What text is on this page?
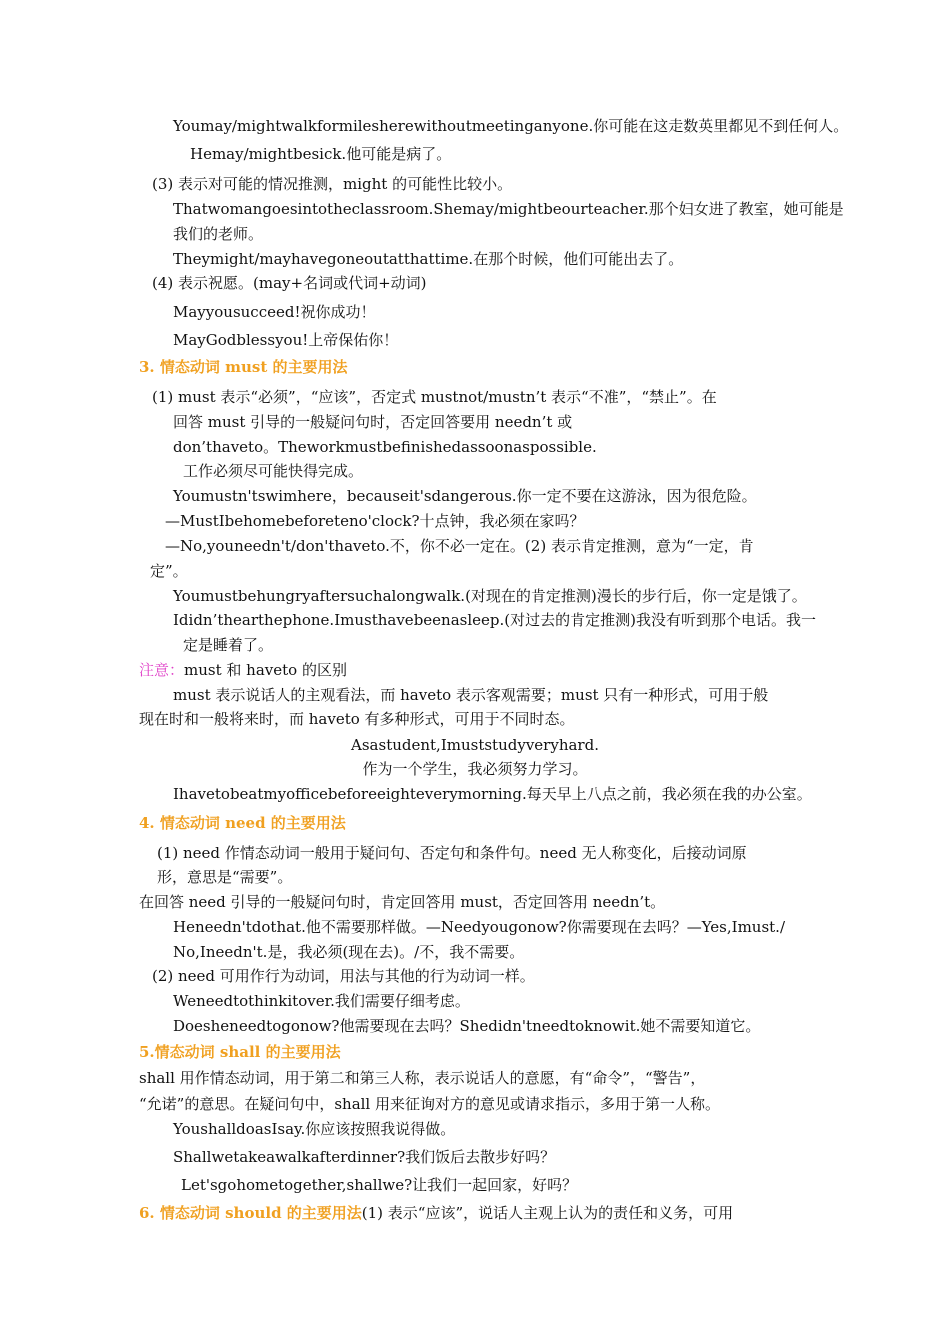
Youmay/mightwalkformilesherewithoutmeetinganyone.你可能在这走数英里都见不到任何人。
Hemay/mightbesick.他可能是病了。
(3) 表示对可能的情况推测，might 的可能性比较小。
Thatwomangoesintotheclassroom.Shemay/mightbeourteacher.那个妇女进了教室，她可能是
我们的老师。
Theymight/mayhavegoneoutatthattime.在那个时候，他们可能出去了。
(4) 表示祝愿。(may+名词或代词+动词)
Mayyousucceed!祝你成功！
MayGodblessyou!上帝保佑你！
3. 情态动词 must 的主要用法
(1) must 表示“必须”，“应该”，否定式 mustnot/mustn’t 表示“不准”，“禁止”。在
回答 must 引导的一般疑问句时，否定回答要用 needn’t 或
don’thaveto。Theworkmustbefinishedassoonaspossible.
工作必须尽可能快得完成。
Youmustn'tswimhere，becauseit'sdangerous.你一定不要在这游泳，因为很危险。
—MustIbehomebeforeteno'clock?十点钟，我必须在家吗？
—No,youneedn't/don'thaveto.不，你不必一定在。(2) 表示肯定推测，意为“一定，肯
定”。
Youmustbehungryaftersuchalongwalk.(对现在的肯定推测)漫长的步行后，你一定是饿了。
Ididn’thearthephone.Imusthavebeenasleep.(对过去的肯定推测)我没有听到那个电话。我一
定是睡着了。
注意：must 和 haveto 的区别
must 表示说话人的主观看法，而 haveto 表示客观需要；must 只有一种形式，可用于般
现在时和一般将来时，而 haveto 有多种形式，可用于不同时态。
Asastudent,Imuststudyveryhard.
作为一个学生，我必须努力学习。
Ihavetobeatmyofficebeforeeighteverymorning.每天早上八点之前，我必须在我的办公室。
4. 情态动词 need 的主要用法
(1) need 作情态动词一般用于疑问句、否定句和条件句。need 无人称变化，后接动词原
形，意思是“需要”。
在回答 need 引导的一般疑问句时，肯定回答用 must，否定回答用 needn’t。
Heneedn'tdothat.他不需要那样做。—Needyougonow?你需要现在去吗？—Yes,Imust./
No,Ineedn't.是，我必须(现在去)。/不，我不需要。
(2) need 可用作行为动词，用法与其他的行为动词一样。
Weneedtothinkitover.我们需要仔细考虑。
Doesheneedtogonow?他需要现在去吗？Shedidn'tneedtoknowit.她不需要知道它。
5.情态动词 shall 的主要用法
shall 用作情态动词，用于第二和第三人称，表示说话人的意愿，有“命令”，“警告”，
“允诺”的意思。在疑问句中，shall 用来征询对方的意见或请求指示，多用于第一人称。
YoushalldoasIsay.你应该按照我说得做。
Shallwetakeawalkafterdinner?我们饭后去散步好吗？
Let'sgohometogether,shallwe?让我们一起回家，好吗？
6. 情态动词 should 的主要用法(1) 表示“应该”，说话人主观上认为的责任和义务，可用
